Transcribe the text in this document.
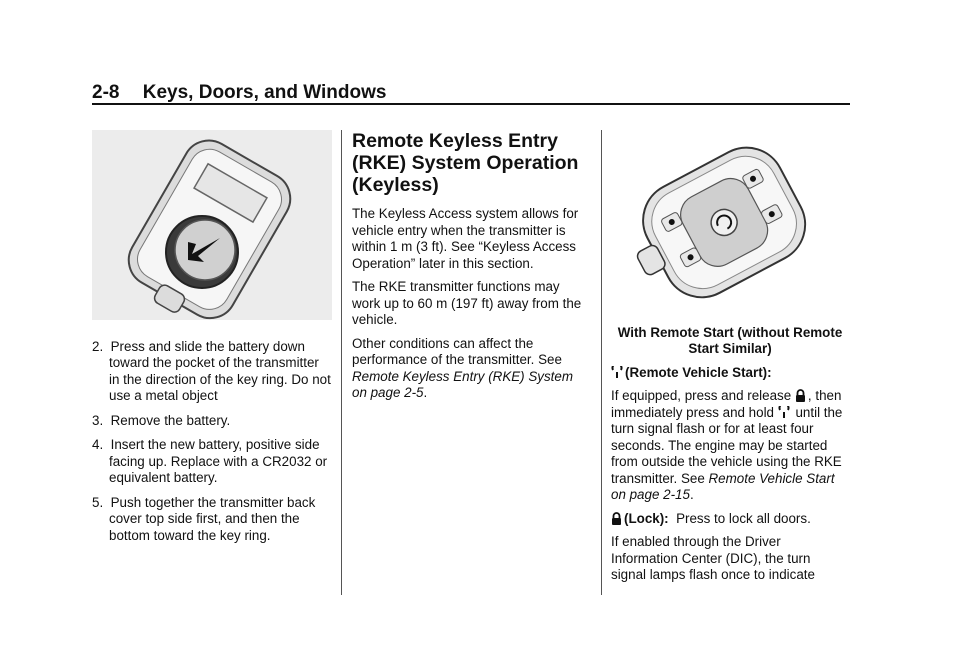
2-8 Keys, Doors, and Windows
2. Press and slide the battery down toward the pocket of the transmitter in the direction of the key ring. Do not use a metal object
3. Remove the battery.
4. Insert the new battery, positive side facing up. Replace with a CR2032 or equivalent battery.
5. Push together the transmitter back cover top side first, and then the bottom toward the key ring.
Remote Keyless Entry (RKE) System Operation (Keyless)

The Keyless Access system allows for vehicle entry when the transmitter is within 1 m (3 ft). See “Keyless Access Operation” later in this section.

The RKE transmitter functions may work up to 60 m (197 ft) away from the vehicle.

Other conditions can affect the performance of the transmitter. See Remote Keyless Entry (RKE) System on page 2-5.

With Remote Start (without Remote Start Similar)

(Remote Vehicle Start):

If equipped, press and release , then immediately press and hold until the turn signal flash or for at least four seconds. The engine may be started from outside the vehicle using the RKE transmitter. See Remote Vehicle Start on page 2-15.

(Lock): Press to lock all doors.

If enabled through the Driver Information Center (DIC), the turn signal lamps flash once to indicate
